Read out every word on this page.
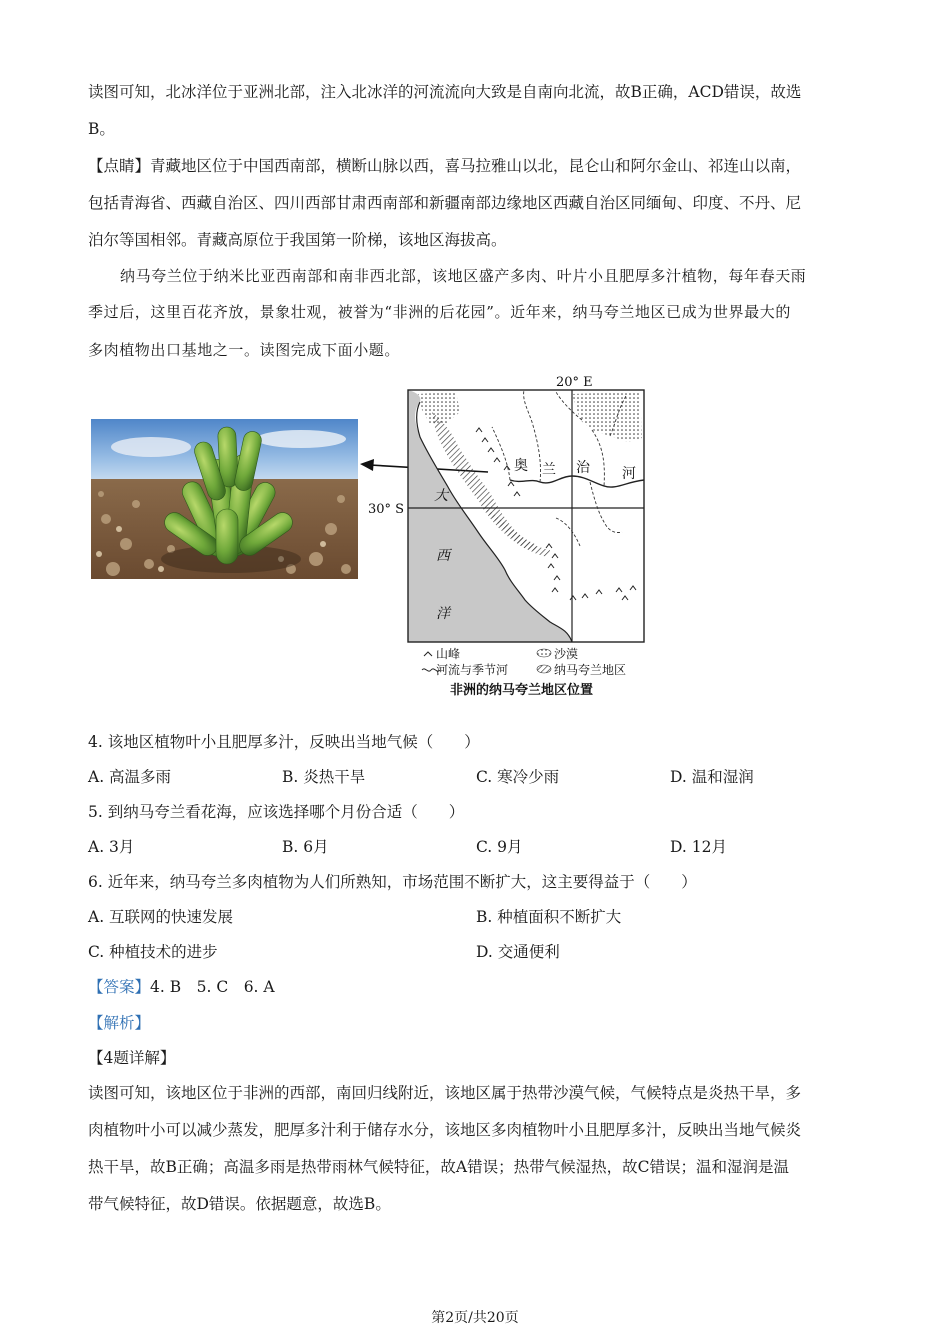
读图可知，北冰洋位于亚洲北部，注入北冰洋的河流流向大致是自南向北流，故B正确，ACD错误，故选
B。
【点睛】青藏地区位于中国西南部，横断山脉以西，喜马拉雅山以北，昆仑山和阿尔金山、祁连山以南，
包括青海省、西藏自治区、四川西部甘肃西南部和新疆南部边缘地区西藏自治区同缅甸、印度、不丹、尼
泊尔等国相邻。青藏高原位于我国第一阶梯，该地区海拔高。
纳马夸兰位于纳米比亚西南部和南非西北部，该地区盛产多肉、叶片小且肥厚多汁植物，每年春天雨
季过后，这里百花齐放，景象壮观，被誉为“非洲的后花园”。近年来，纳马夸兰地区已成为世界最大的
多肉植物出口基地之一。读图完成下面小题。
20° E
30° S
奥 兰 治 河
大
西
洋
山峰	沙漠
河流与季节河	纳马夸兰地区
非洲的纳马夸兰地区位置
4. 该地区植物叶小且肥厚多汁，反映出当地气候（　　）
A. 高温多雨	B. 炎热干旱	C. 寒冷少雨	D. 温和湿润
5. 到纳马夸兰看花海，应该选择哪个月份合适（　　）
A. 3月	B. 6月	C. 9月	D. 12月
6. 近年来，纳马夸兰多肉植物为人们所熟知，市场范围不断扩大，这主要得益于（　　）
A. 互联网的快速发展	B. 种植面积不断扩大
C. 种植技术的进步	D. 交通便利
【答案】4. B　5. C　6. A
【解析】
【4题详解】
读图可知，该地区位于非洲的西部，南回归线附近，该地区属于热带沙漠气候，气候特点是炎热干旱，多
肉植物叶小可以减少蒸发，肥厚多汁利于储存水分，该地区多肉植物叶小且肥厚多汁，反映出当地气候炎
热干旱，故B正确；高温多雨是热带雨林气候特征，故A错误；热带气候湿热，故C错误；温和湿润是温
带气候特征，故D错误。依据题意，故选B。
第2页/共20页
